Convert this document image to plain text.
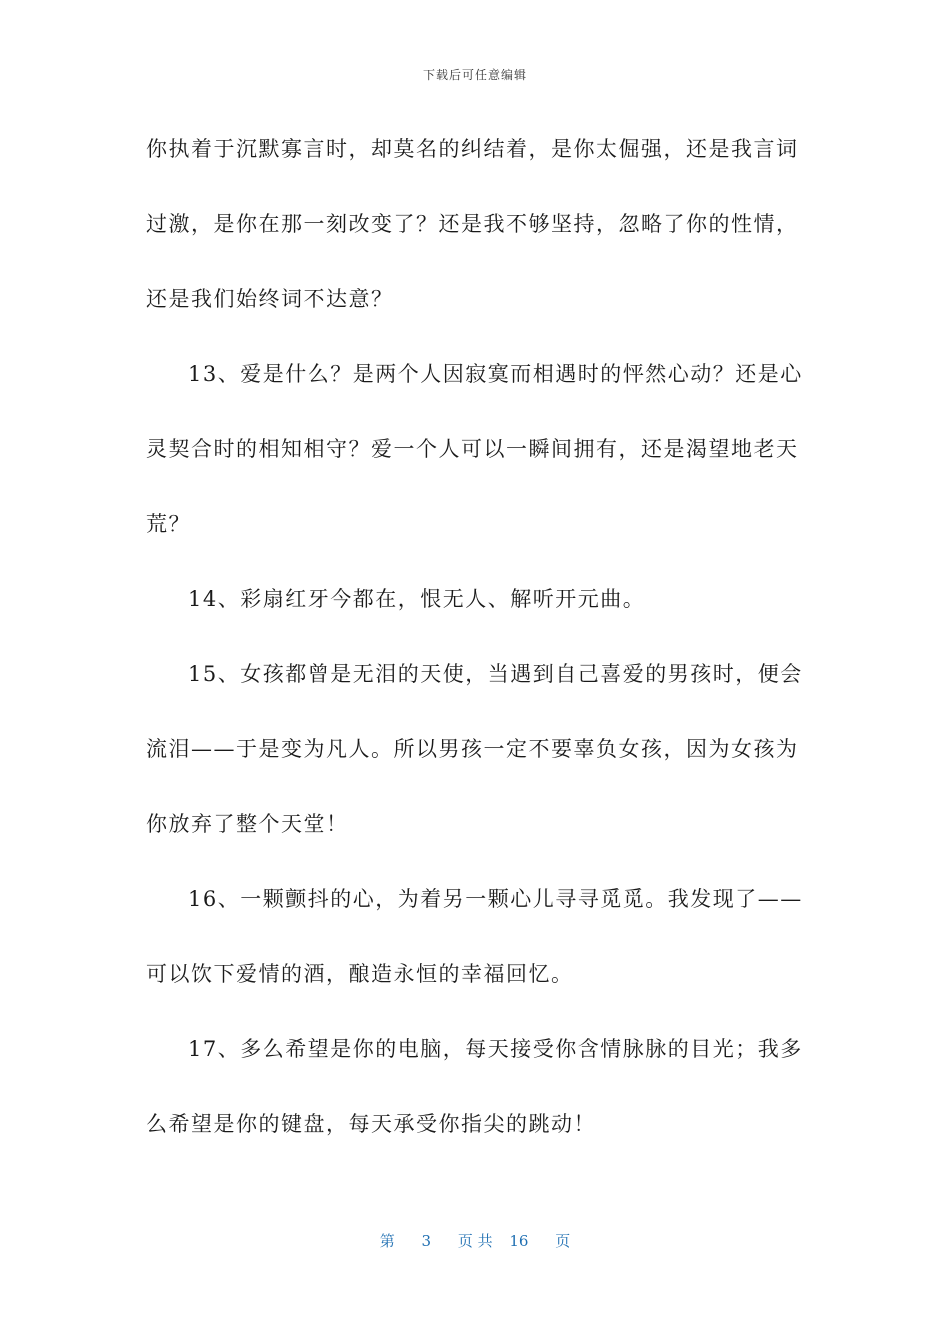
下载后可任意编辑
你执着于沉默寡言时，却莫名的纠结着，是你太倔强，还是我言词
过激，是你在那一刻改变了？还是我不够坚持，忽略了你的性情，
还是我们始终词不达意？
13、爱是什么？是两个人因寂寞而相遇时的怦然心动？还是心
灵契合时的相知相守？爱一个人可以一瞬间拥有，还是渴望地老天
荒？
14、彩扇红牙今都在，恨无人、解听开元曲。
15、女孩都曾是无泪的天使，当遇到自己喜爱的男孩时，便会
流泪——于是变为凡人。所以男孩一定不要辜负女孩，因为女孩为
你放弃了整个天堂！
16、一颗颤抖的心，为着另一颗心儿寻寻觅觅。我发现了——
可以饮下爱情的酒，酿造永恒的幸福回忆。
17、多么希望是你的电脑，每天接受你含情脉脉的目光；我多
么希望是你的键盘，每天承受你指尖的跳动！
第 3 页 共 16 页
